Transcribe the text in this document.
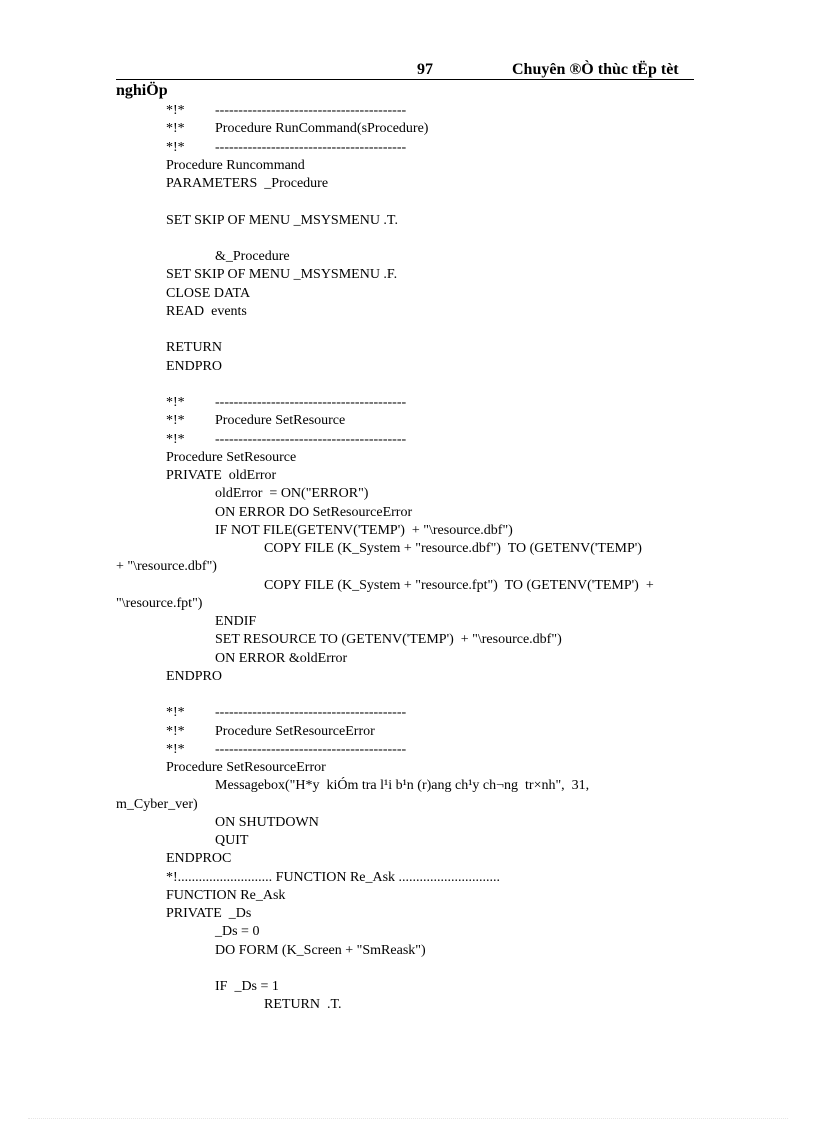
97	Chuyên ®Ò thùc tËp tèt
nghiÖp
*!* -----------------------------------------
*!* Procedure RunCommand(sProcedure)
*!* -----------------------------------------
Procedure Runcommand
PARAMETERS  _Procedure
SET SKIP OF MENU _MSYSMENU .T.
&_Procedure
SET SKIP OF MENU _MSYSMENU .F.
CLOSE DATA
READ  events
RETURN
ENDPRO
*!* -----------------------------------------
*!* Procedure SetResource
*!* -----------------------------------------
Procedure SetResource
PRIVATE  oldError
oldError  = ON("ERROR")
ON ERROR DO SetResourceError
IF NOT FILE(GETENV('TEMP')  + "\resource.dbf")
COPY FILE (K_System + "resource.dbf")  TO (GETENV('TEMP')
+ "\resource.dbf")
COPY FILE (K_System + "resource.fpt")  TO (GETENV('TEMP')  +
"\resource.fpt")
ENDIF
SET RESOURCE TO (GETENV('TEMP')  + "\resource.dbf")
ON ERROR &oldError
ENDPRO
*!* -----------------------------------------
*!* Procedure SetResourceError
*!* -----------------------------------------
Procedure SetResourceError
Messagebox("H*y  kiÓm tra l¹i b¹n (r)ang ch¹y ch¬ng  tr×nh",  31,
m_Cyber_ver)
ON SHUTDOWN
QUIT
ENDPROC
*!........................... FUNCTION Re_Ask .............................
FUNCTION Re_Ask
PRIVATE  _Ds
_Ds = 0
DO FORM (K_Screen + "SmReask")
IF  _Ds = 1
RETURN  .T.
